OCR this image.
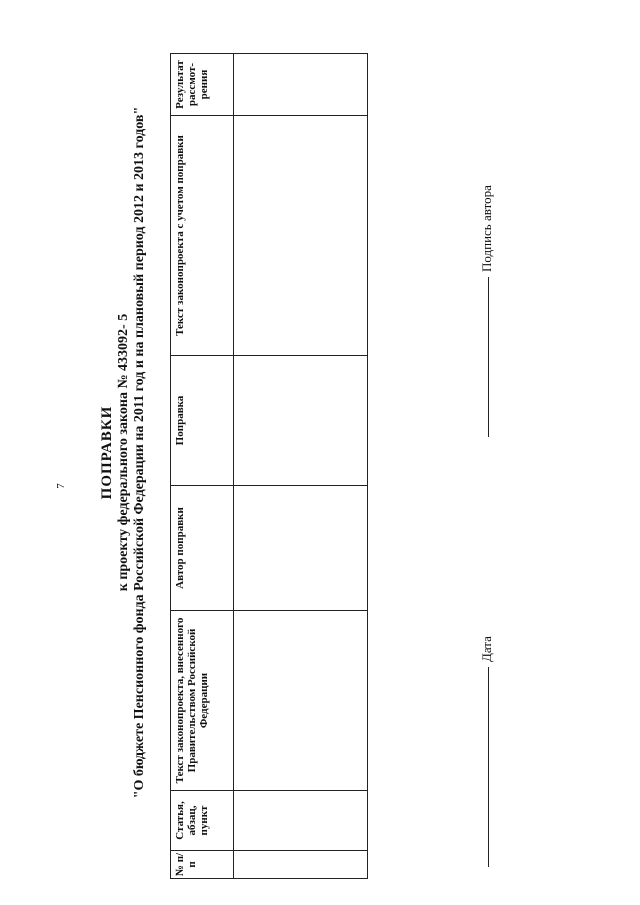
7 ПОПРАВКИ к проекту федерального закона № 433092- 5 "О бюджете Пенсионного фонда Российской Федерации на 2011 год и на плановый период 2012 и 2013 годов"
№ п/п	Статья, абзац, пункт	Текст законопроекта, внесенного Правительством Российской Федерации	Автор поправки	Поправка	Текст законопроекта с учетом поправки	Результат рассмот-рения

Дата
Подпись автора
